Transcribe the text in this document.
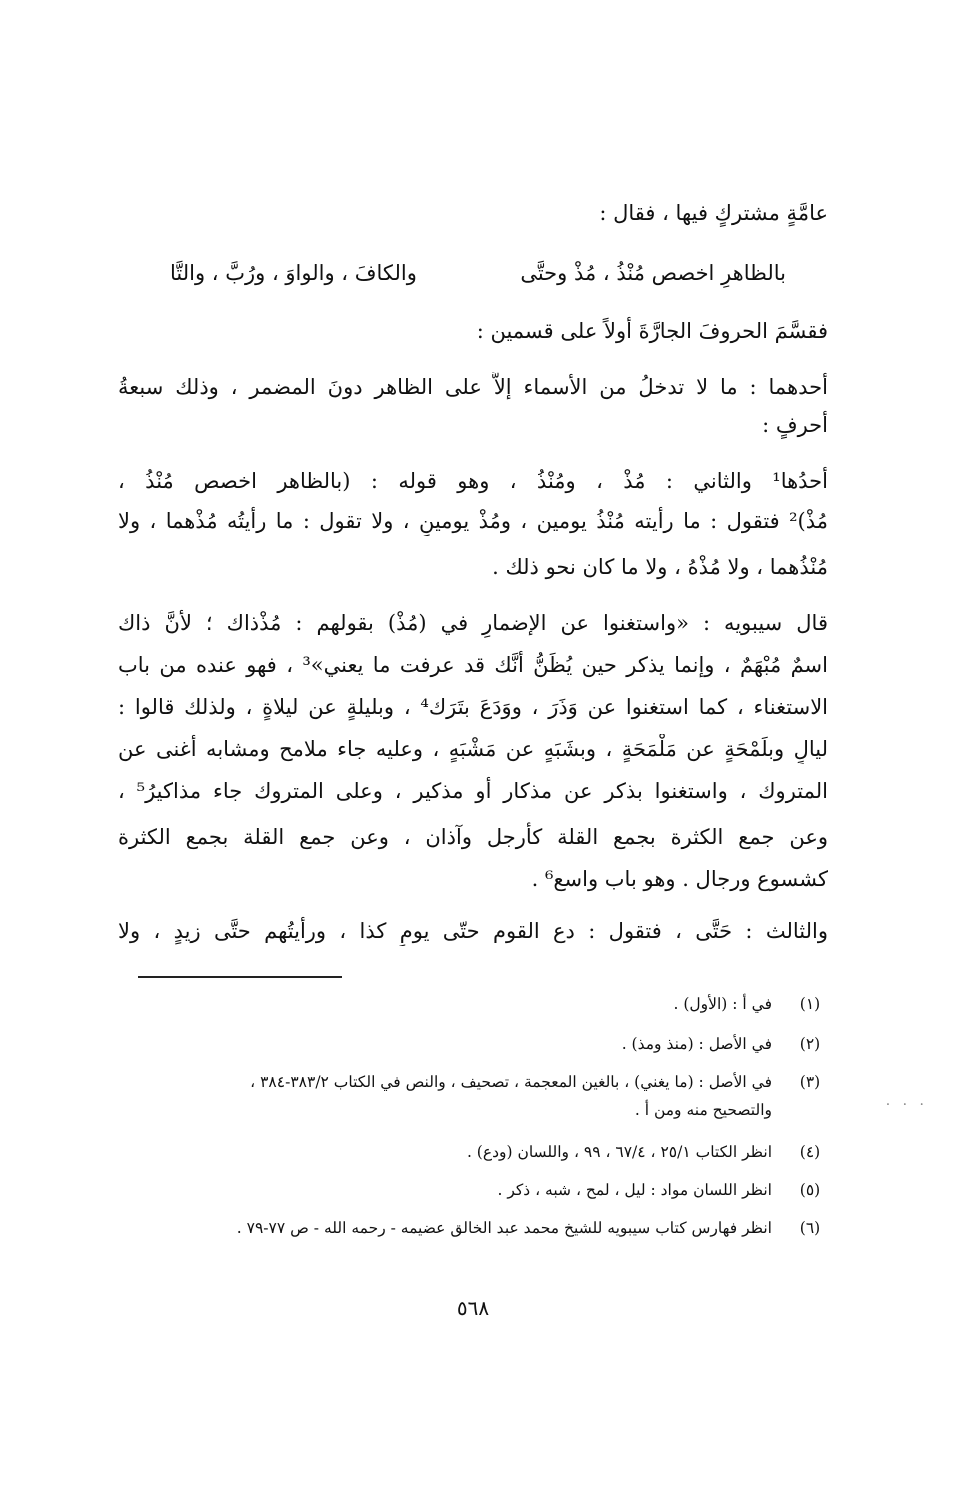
عامَّةٍ مشتركٍ فيها ، فقال :
بالظاهرِ اخصص مُنْذُ ، مُذْ وحتَّى
والكافَ ، والواوَ ، ورُبَّ ، والتَّا
فقسَّمَ الحروفَ الجارَّةَ أولاً على قسمين :
أحدهما : ما لا تدخلُ من الأسماء إلاَّ على الظاهر دونَ المضمر ، وذلك سبعةُ
أحرفٍ :
أحدُها¹ والثاني : مُذْ ، ومُنْذُ ، وهو قوله : (بالظاهر اخصص مُنْذُ ،
مُذْ)² فتقول : ما رأيته مُنْذُ يومين ، ومُذْ يومينِ ، ولا تقول : ما رأيتُه مُذْهما ، ولا
مُنْذُهما ، ولا مُذْهُ ، ولا ما كان نحو ذلك .
قال سيبويه : «واستغنوا عن الإضمارِ في (مُذْ) بقولهم : مُذْذاك ؛ لأنَّ ذاك
اسمٌ مُبْهَمٌ ، وإنما يذكر حين يُظَنُّ أنَّك قد عرفت ما يعني»³ ، فهو عنده من باب
الاستغناء ، كما استغنوا عن وَذَرَ ، ووَدَعَ بتَرَك⁴ ، وبليلةٍ عن ليلاةٍ ، ولذلك قالوا :
ليالٍ وبلَمْحَةٍ عن مَلْمَحَةٍ ، وبشَبَهٍ عن مَشْبَهٍ ، وعليه جاء ملامح ومشابه أغنى عن
المتروك ، واستغنوا بذكر عن مذكار أو مذكير ، وعلى المتروك جاء مذاكيرُ⁵ ،
وعن جمع الكثرة بجمع القلة كأرجل وآذان ، وعن جمع القلة بجمع الكثرة
كشسوع ورجال . وهو باب واسع⁶ .
والثالث : حَتَّى ، فتقول : دع القوم حتّى يومِ كذا ، ورأيتُهم حتَّى زيدٍ ، ولا
(١)
في أ : (الأول) .
(٢)
في الأصل : (منذ ومذ) .
(٣)
في الأصل : (ما يغني) ، بالغين المعجمة ، تصحيف ، والنص في الكتاب ٣٨٣/٢-٣٨٤ ،
والتصحيح منه ومن أ .
(٤)
انظر الكتاب ٢٥/١ ، ٦٧/٤ ، ٩٩ ، واللسان (ودع) .
(٥)
انظر اللسان مواد : ليل ، لمح ، شبه ، ذكر .
(٦)
انظر فهارس كتاب سيبويه للشيخ محمد عبد الخالق عضيمه - رحمه الله - ص ٧٧-٧٩ .
٥٦٨
· · ·
